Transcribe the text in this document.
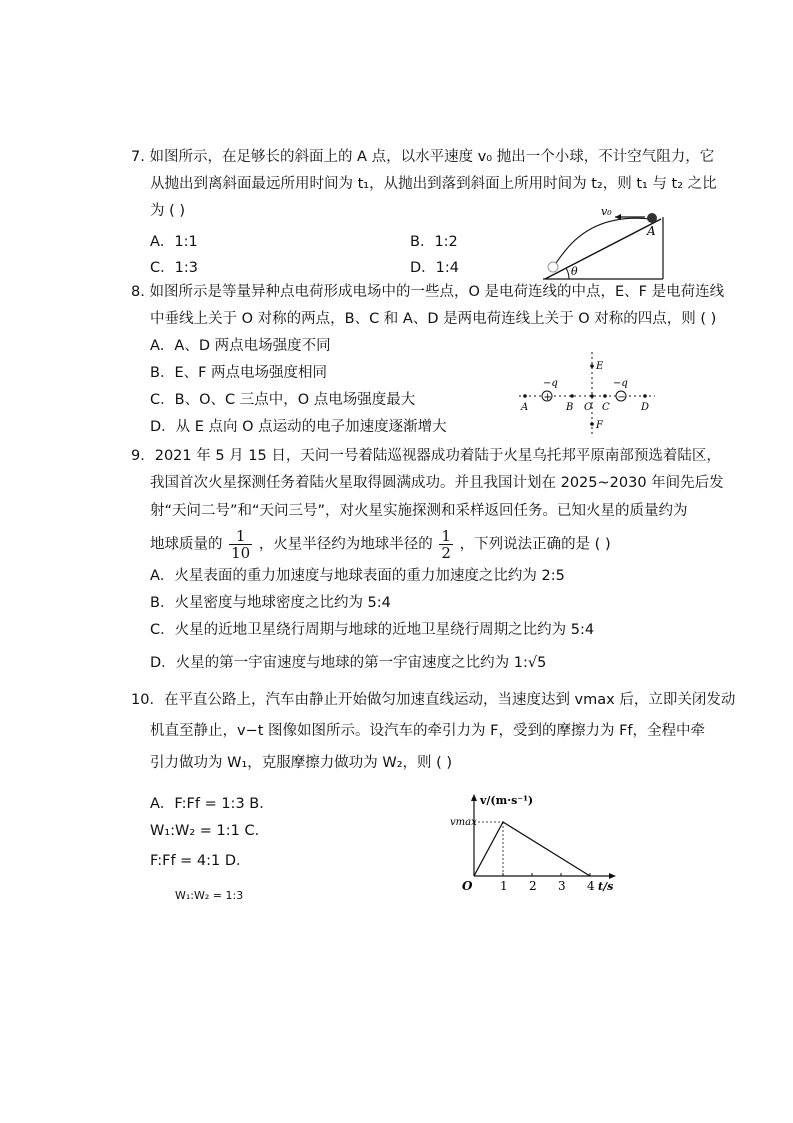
7. 如图所示，在足够长的斜面上的 A 点，以水平速度 v₀ 抛出一个小球，不计空气阻力，它
从抛出到离斜面最远所用时间为 t₁，从抛出到落到斜面上所用时间为 t₂，则 t₁ 与 t₂ 之比
为 ( )
A．1:1	B．1:2
C．1:3	D．1:4
v₀
A
θ
8. 如图所示是等量异种点电荷形成电场中的一些点，O 是电荷连线的中点，E、F 是电荷连线
中垂线上关于 O 对称的两点，B、C 和 A、D 是两电荷连线上关于 O 对称的四点，则 ( )
A．A、D 两点电场强度不同
B．E、F 两点电场强度相同
C．B、O、C 三点中，O 点电场强度最大
D．从 E 点向 O 点运动的电子加速度逐渐增大
A
+
−q
B O C
−
−q
D
E
F
9．2021 年 5 月 15 日，天问一号着陆巡视器成功着陆于火星乌托邦平原南部预选着陆区，
我国首次火星探测任务着陆火星取得圆满成功。并且我国计划在 2025~2030 年间先后发
射“天问二号”和“天问三号”，对火星实施探测和采样返回任务。已知火星的质量约为
地球质量的 $\frac{1}{10}$ ，火星半径约为地球半径的 $\frac{1}{2}$ ，下列说法正确的是 ( )
A．火星表面的重力加速度与地球表面的重力加速度之比约为 2:5
B．火星密度与地球密度之比约为 5:4
C．火星的近地卫星绕行周期与地球的近地卫星绕行周期之比约为 5:4
D．火星的第一宇宙速度与地球的第一宇宙速度之比约为 1:√5
10．在平直公路上，汽车由静止开始做匀加速直线运动，当速度达到 vmax 后，立即关闭发动
机直至静止，v−t 图像如图所示。设汽车的牵引力为 F，受到的摩擦力为 Ff，全程中牵
引力做功为 W₁，克服摩擦力做功为 W₂，则 ( )
A．F:Ff = 1:3 B．
W₁:W₂ = 1:1 C．
F:Ff = 4:1 D．
W₁:W₂ = 1:3
v/(m·s⁻¹)
t/s
vmax
O 1 2 3 4
